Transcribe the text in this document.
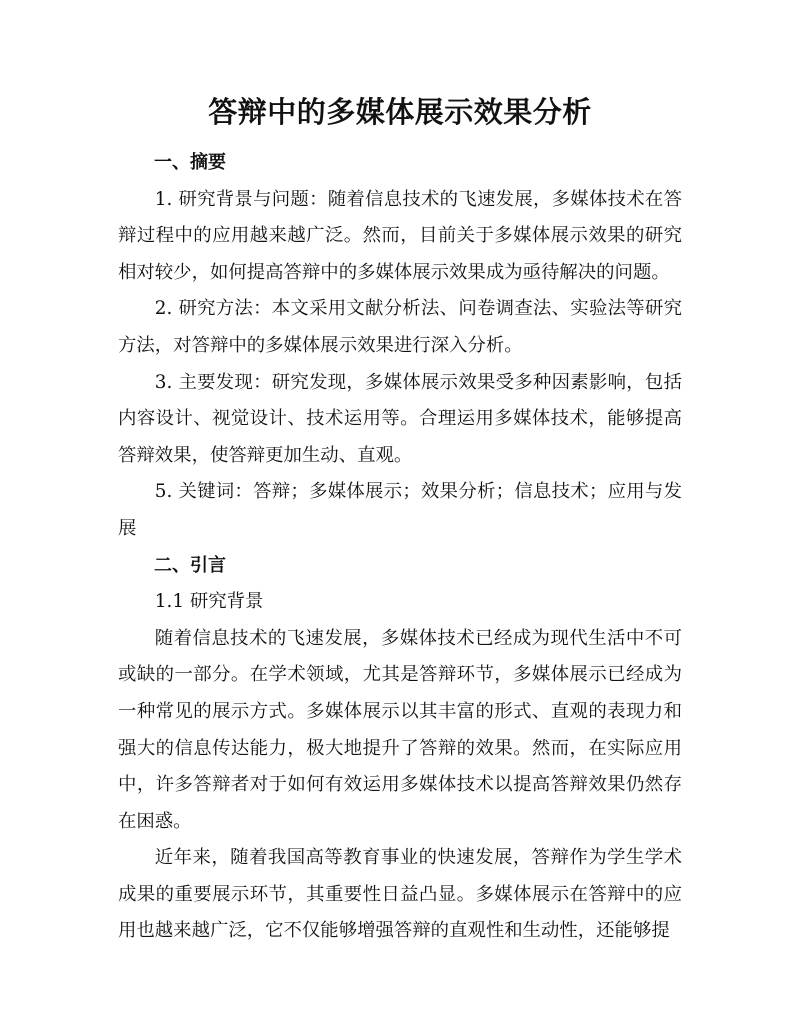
答辩中的多媒体展示效果分析

一、摘要

1. 研究背景与问题：随着信息技术的飞速发展，多媒体技术在答辩过程中的应用越来越广泛。然而，目前关于多媒体展示效果的研究相对较少，如何提高答辩中的多媒体展示效果成为亟待解决的问题。

2. 研究方法：本文采用文献分析法、问卷调查法、实验法等研究方法，对答辩中的多媒体展示效果进行深入分析。

3. 主要发现：研究发现，多媒体展示效果受多种因素影响，包括内容设计、视觉设计、技术运用等。合理运用多媒体技术，能够提高答辩效果，使答辩更加生动、直观。

5. 关键词：答辩；多媒体展示；效果分析；信息技术；应用与发展

二、引言

1.1 研究背景

随着信息技术的飞速发展，多媒体技术已经成为现代生活中不可或缺的一部分。在学术领域，尤其是答辩环节，多媒体展示已经成为一种常见的展示方式。多媒体展示以其丰富的形式、直观的表现力和强大的信息传达能力，极大地提升了答辩的效果。然而，在实际应用中，许多答辩者对于如何有效运用多媒体技术以提高答辩效果仍然存在困惑。

近年来，随着我国高等教育事业的快速发展，答辩作为学生学术成果的重要展示环节，其重要性日益凸显。多媒体展示在答辩中的应用也越来越广泛，它不仅能够增强答辩的直观性和生动性，还能够提
